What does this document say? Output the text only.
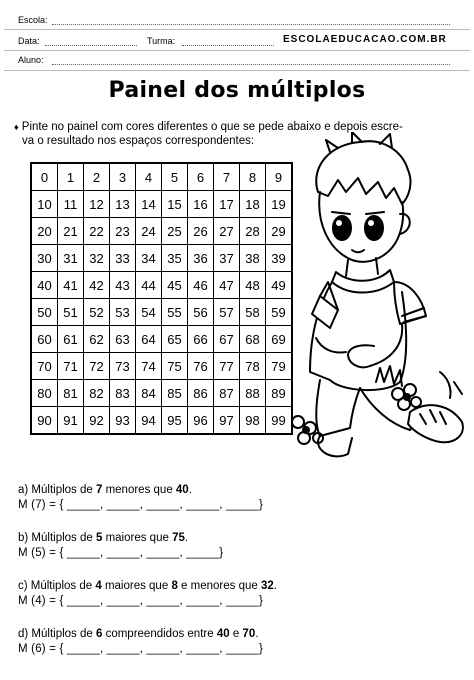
Escola:
Data:	Turma:	ESCOLAEDUCACAO.COM.BR
Aluno:
Painel dos múltiplos
♦ Pinte no painel com cores diferentes o que se pede abaixo e depois escre-
va o resultado nos espaços correspondentes:
0	1	2	3	4	5	6	7	8	9
10	11	12	13	14	15	16	17	18	19
20	21	22	23	24	25	26	27	28	29
30	31	32	33	34	35	36	37	38	39
40	41	42	43	44	45	46	47	48	49
50	51	52	53	54	55	56	57	58	59
60	61	62	63	64	65	66	67	68	69
70	71	72	73	74	75	76	77	78	79
80	81	82	83	84	85	86	87	88	89
90	91	92	93	94	95	96	97	98	99
a) Múltiplos de 7 menores que 40.
M (7) = { _____, _____, _____, _____, _____}
b) Múltiplos de 5 maiores que 75.
M (5) = { _____, _____, _____, _____}
c) Múltiplos de 4 maiores que 8 e menores que 32.
M (4) = { _____, _____, _____, _____, _____}
d) Múltiplos de 6 compreendidos entre 40 e 70.
M (6) = { _____, _____, _____, _____, _____}
